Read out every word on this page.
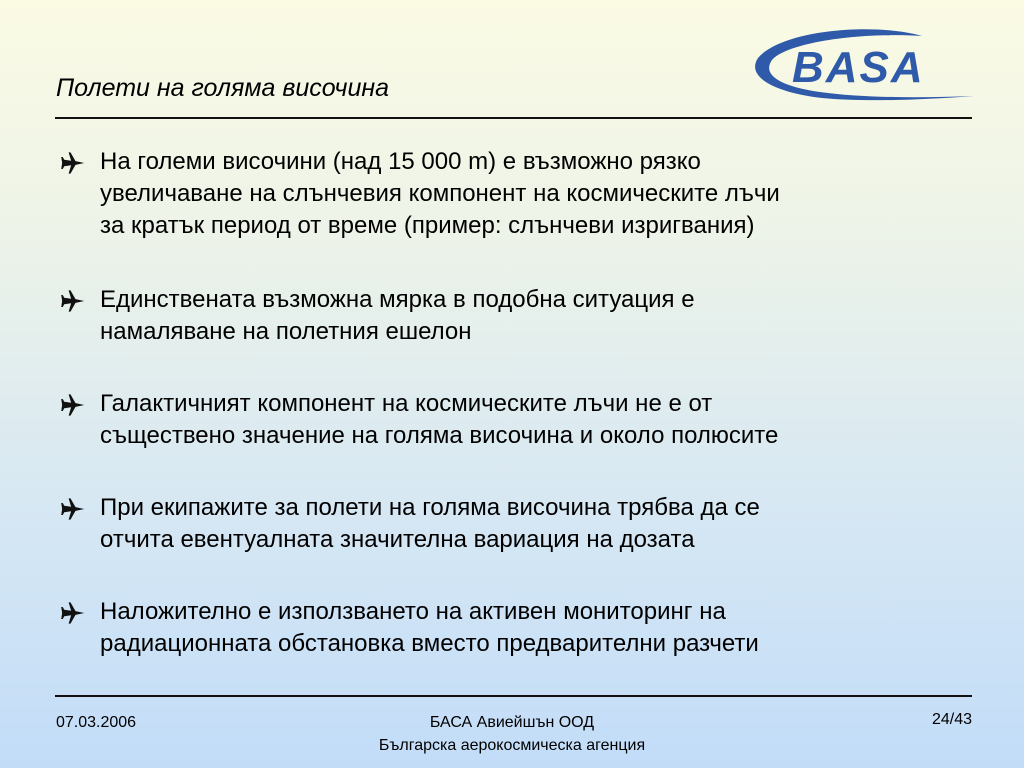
Полети на голяма височина	BASA
На големи височини (над 15 000 m) е възможно рязко
увеличаване на слънчевия компонент на космическите лъчи
за кратък период от време (пример: слънчеви изригвания)
Единствената възможна мярка в подобна ситуация е
намаляване на полетния ешелон
Галактичният компонент на космическите лъчи не е от
съществено значение на голяма височина и около полюсите
При екипажите за полети на голяма височина трябва да се
отчита евентуалната значителна вариация на дозата
Наложително е използването на активен мониторинг на
радиационната обстановка вместо предварителни разчети
07.03.2006	БАСА Авиейшън ООД
Българска аерокосмическа агенция
24/43
